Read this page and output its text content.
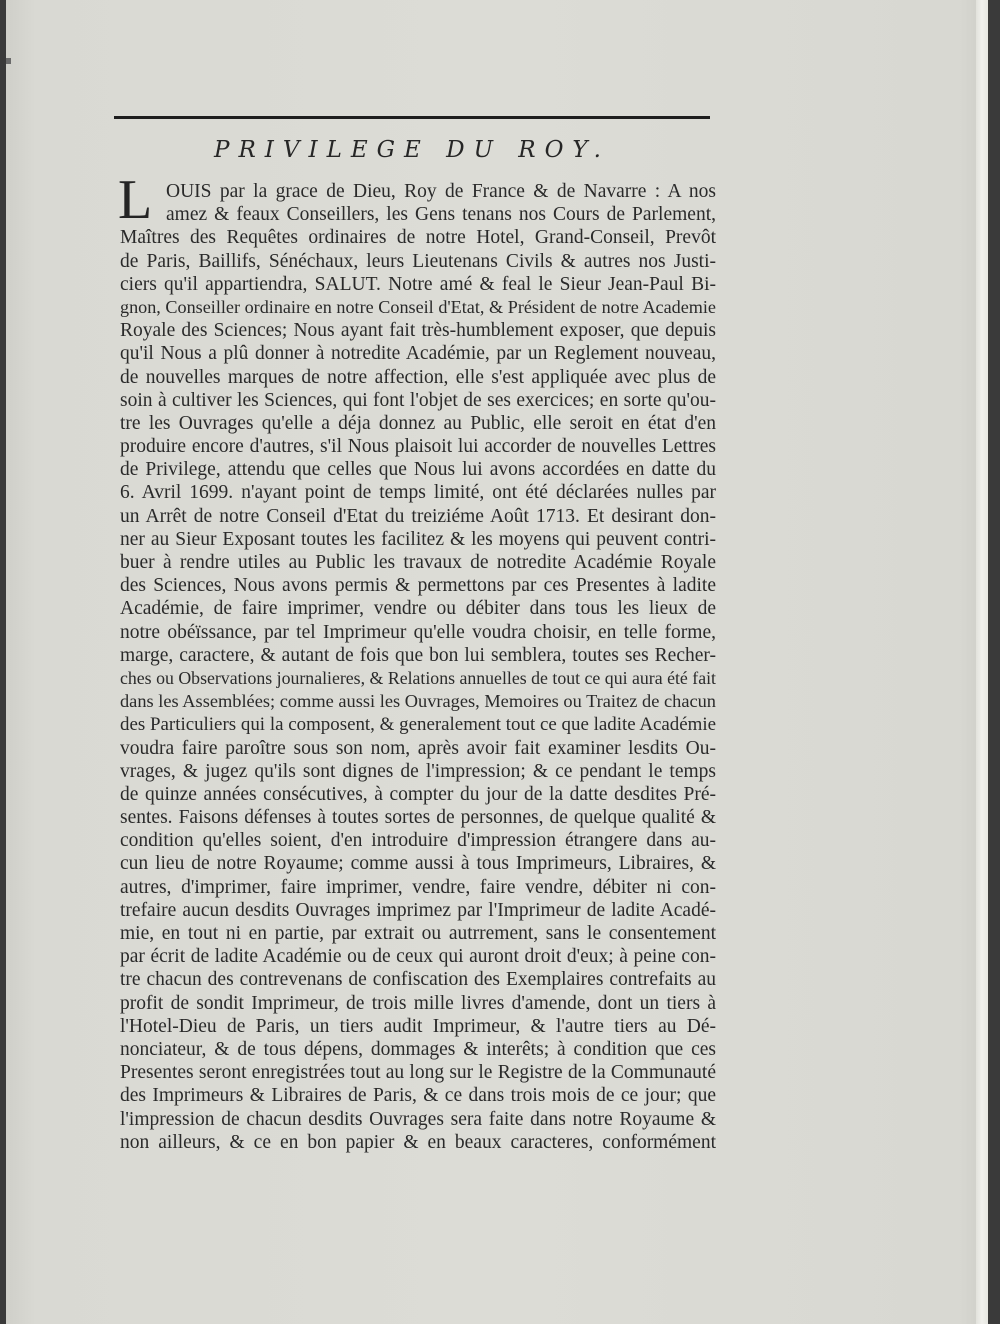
PRIVILEGE DU ROY.
L OUIS par la grace de Dieu, Roy de France & de Navarre : A nos
amez & feaux Conseillers, les Gens tenans nos Cours de Parlement,
Maîtres des Requêtes ordinaires de notre Hotel, Grand-Conseil, Prevôt
de Paris, Baillifs, Sénéchaux, leurs Lieutenans Civils & autres nos Justi-
ciers qu'il appartiendra, SALUT. Notre amé & feal le Sieur Jean-Paul Bi-
gnon, Conseiller ordinaire en notre Conseil d'Etat, & Président de notre Academie
Royale des Sciences; Nous ayant fait très-humblement exposer, que depuis
qu'il Nous a plû donner à notredite Académie, par un Reglement nouveau,
de nouvelles marques de notre affection, elle s'est appliquée avec plus de
soin à cultiver les Sciences, qui font l'objet de ses exercices; en sorte qu'ou-
tre les Ouvrages qu'elle a déja donnez au Public, elle seroit en état d'en
produire encore d'autres, s'il Nous plaisoit lui accorder de nouvelles Lettres
de Privilege, attendu que celles que Nous lui avons accordées en datte du
6. Avril 1699. n'ayant point de temps limité, ont été déclarées nulles par
un Arrêt de notre Conseil d'Etat du treiziéme Août 1713. Et desirant don-
ner au Sieur Exposant toutes les facilitez & les moyens qui peuvent contri-
buer à rendre utiles au Public les travaux de notredite Académie Royale
des Sciences, Nous avons permis & permettons par ces Presentes à ladite
Académie, de faire imprimer, vendre ou débiter dans tous les lieux de
notre obéïssance, par tel Imprimeur qu'elle voudra choisir, en telle forme,
marge, caractere, & autant de fois que bon lui semblera, toutes ses Recher-
ches ou Observations journalieres, & Relations annuelles de tout ce qui aura été fait
dans les Assemblées; comme aussi les Ouvrages, Memoires ou Traitez de chacun
des Particuliers qui la composent, & generalement tout ce que ladite Académie
voudra faire paroître sous son nom, après avoir fait examiner lesdits Ou-
vrages, & jugez qu'ils sont dignes de l'impression; & ce pendant le temps
de quinze années consécutives, à compter du jour de la datte desdites Pré-
sentes. Faisons défenses à toutes sortes de personnes, de quelque qualité &
condition qu'elles soient, d'en introduire d'impression étrangere dans au-
cun lieu de notre Royaume; comme aussi à tous Imprimeurs, Libraires, &
autres, d'imprimer, faire imprimer, vendre, faire vendre, débiter ni con-
trefaire aucun desdits Ouvrages imprimez par l'Imprimeur de ladite Acadé-
mie, en tout ni en partie, par extrait ou autrrement, sans le consentement
par écrit de ladite Académie ou de ceux qui auront droit d'eux; à peine con-
tre chacun des contrevenans de confiscation des Exemplaires contrefaits au
profit de sondit Imprimeur, de trois mille livres d'amende, dont un tiers à
l'Hotel-Dieu de Paris, un tiers audit Imprimeur, & l'autre tiers au Dé-
nonciateur, & de tous dépens, dommages & interêts; à condition que ces
Presentes seront enregistrées tout au long sur le Registre de la Communauté
des Imprimeurs & Libraires de Paris, & ce dans trois mois de ce jour; que
l'impression de chacun desdits Ouvrages sera faite dans notre Royaume &
non ailleurs, & ce en bon papier & en beaux caracteres, conformément
